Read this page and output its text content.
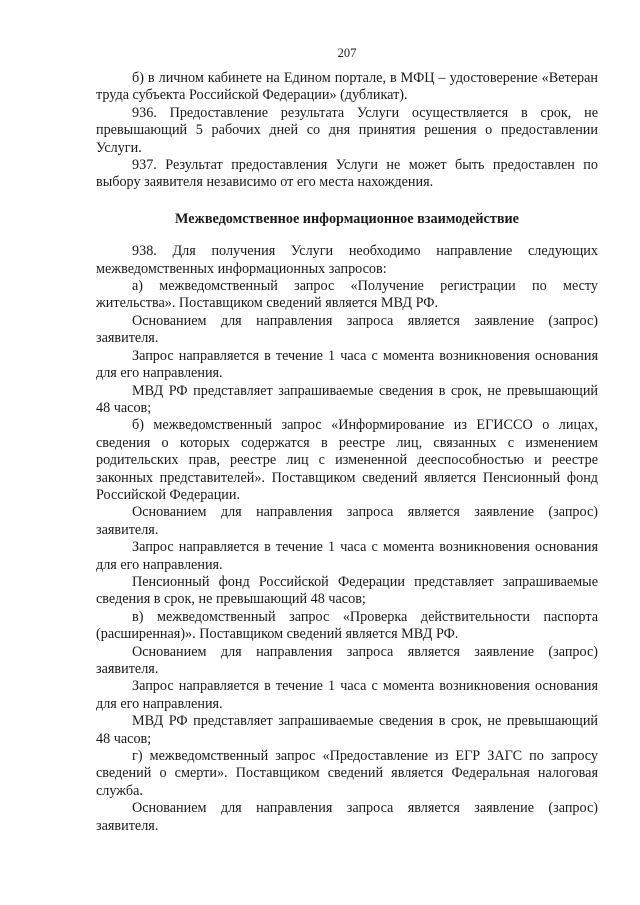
207

б) в личном кабинете на Едином портале, в МФЦ – удостоверение «Ветеран труда субъекта Российской Федерации» (дубликат).

936. Предоставление результата Услуги осуществляется в срок, не превышающий 5 рабочих дней со дня принятия решения о предоставлении Услуги.

937. Результат предоставления Услуги не может быть предоставлен по выбору заявителя независимо от его места нахождения.

Межведомственное информационное взаимодействие

938. Для получения Услуги необходимо направление следующих межведомственных информационных запросов:

а) межведомственный запрос «Получение регистрации по месту жительства». Поставщиком сведений является МВД РФ.

Основанием для направления запроса является заявление (запрос) заявителя.

Запрос направляется в течение 1 часа с момента возникновения основания для его направления.

МВД РФ представляет запрашиваемые сведения в срок, не превышающий 48 часов;

б) межведомственный запрос «Информирование из ЕГИССО о лицах, сведения о которых содержатся в реестре лиц, связанных с изменением родительских прав, реестре лиц с измененной дееспособностью и реестре законных представителей». Поставщиком сведений является Пенсионный фонд Российской Федерации.

Основанием для направления запроса является заявление (запрос) заявителя.

Запрос направляется в течение 1 часа с момента возникновения основания для его направления.

Пенсионный фонд Российской Федерации представляет запрашиваемые сведения в срок, не превышающий 48 часов;

в) межведомственный запрос «Проверка действительности паспорта (расширенная)». Поставщиком сведений является МВД РФ.

Основанием для направления запроса является заявление (запрос) заявителя.

Запрос направляется в течение 1 часа с момента возникновения основания для его направления.

МВД РФ представляет запрашиваемые сведения в срок, не превышающий 48 часов;

г) межведомственный запрос «Предоставление из ЕГР ЗАГС по запросу сведений о смерти». Поставщиком сведений является Федеральная налоговая служба.

Основанием для направления запроса является заявление (запрос) заявителя.
